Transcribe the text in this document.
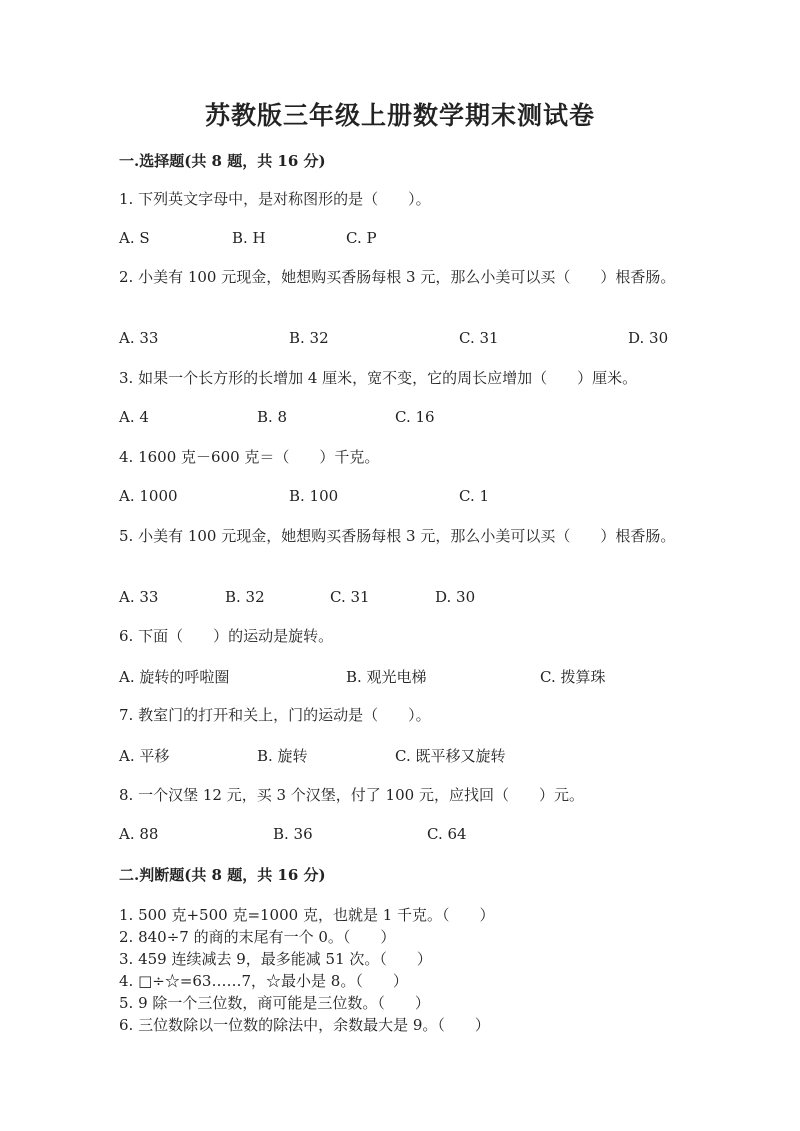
苏教版三年级上册数学期末测试卷
一.选择题(共 8 题，共 16 分)
1. 下列英文字母中，是对称图形的是（　　）。
A. S	B. H	C. P
2. 小美有 100 元现金，她想购买香肠每根 3 元，那么小美可以买（　　）根香肠。
A. 33	B. 32	C. 31	D. 30
3. 如果一个长方形的长增加 4 厘米，宽不变，它的周长应增加（　　）厘米。
A. 4	B. 8	C. 16
4. 1600 克－600 克＝（　　）千克。
A. 1000	B. 100	C. 1
5. 小美有 100 元现金，她想购买香肠每根 3 元，那么小美可以买（　　）根香肠。
A. 33	B. 32	C. 31	D. 30
6. 下面（　　）的运动是旋转。
A. 旋转的呼啦圈	B. 观光电梯	C. 拨算珠
7. 教室门的打开和关上，门的运动是（　　）。
A. 平移	B. 旋转	C. 既平移又旋转
8. 一个汉堡 12 元，买 3 个汉堡，付了 100 元，应找回（　　）元。
A. 88	B. 36	C. 64
二.判断题(共 8 题，共 16 分)
1. 500 克+500 克=1000 克，也就是 1 千克。（　　）
2. 840÷7 的商的末尾有一个 0。（　　）
3. 459 连续减去 9，最多能减 51 次。（　　）
4. □÷☆=63……7，☆最小是 8。（　　）
5. 9 除一个三位数，商可能是三位数。（　　）
6. 三位数除以一位数的除法中，余数最大是 9。（　　）
